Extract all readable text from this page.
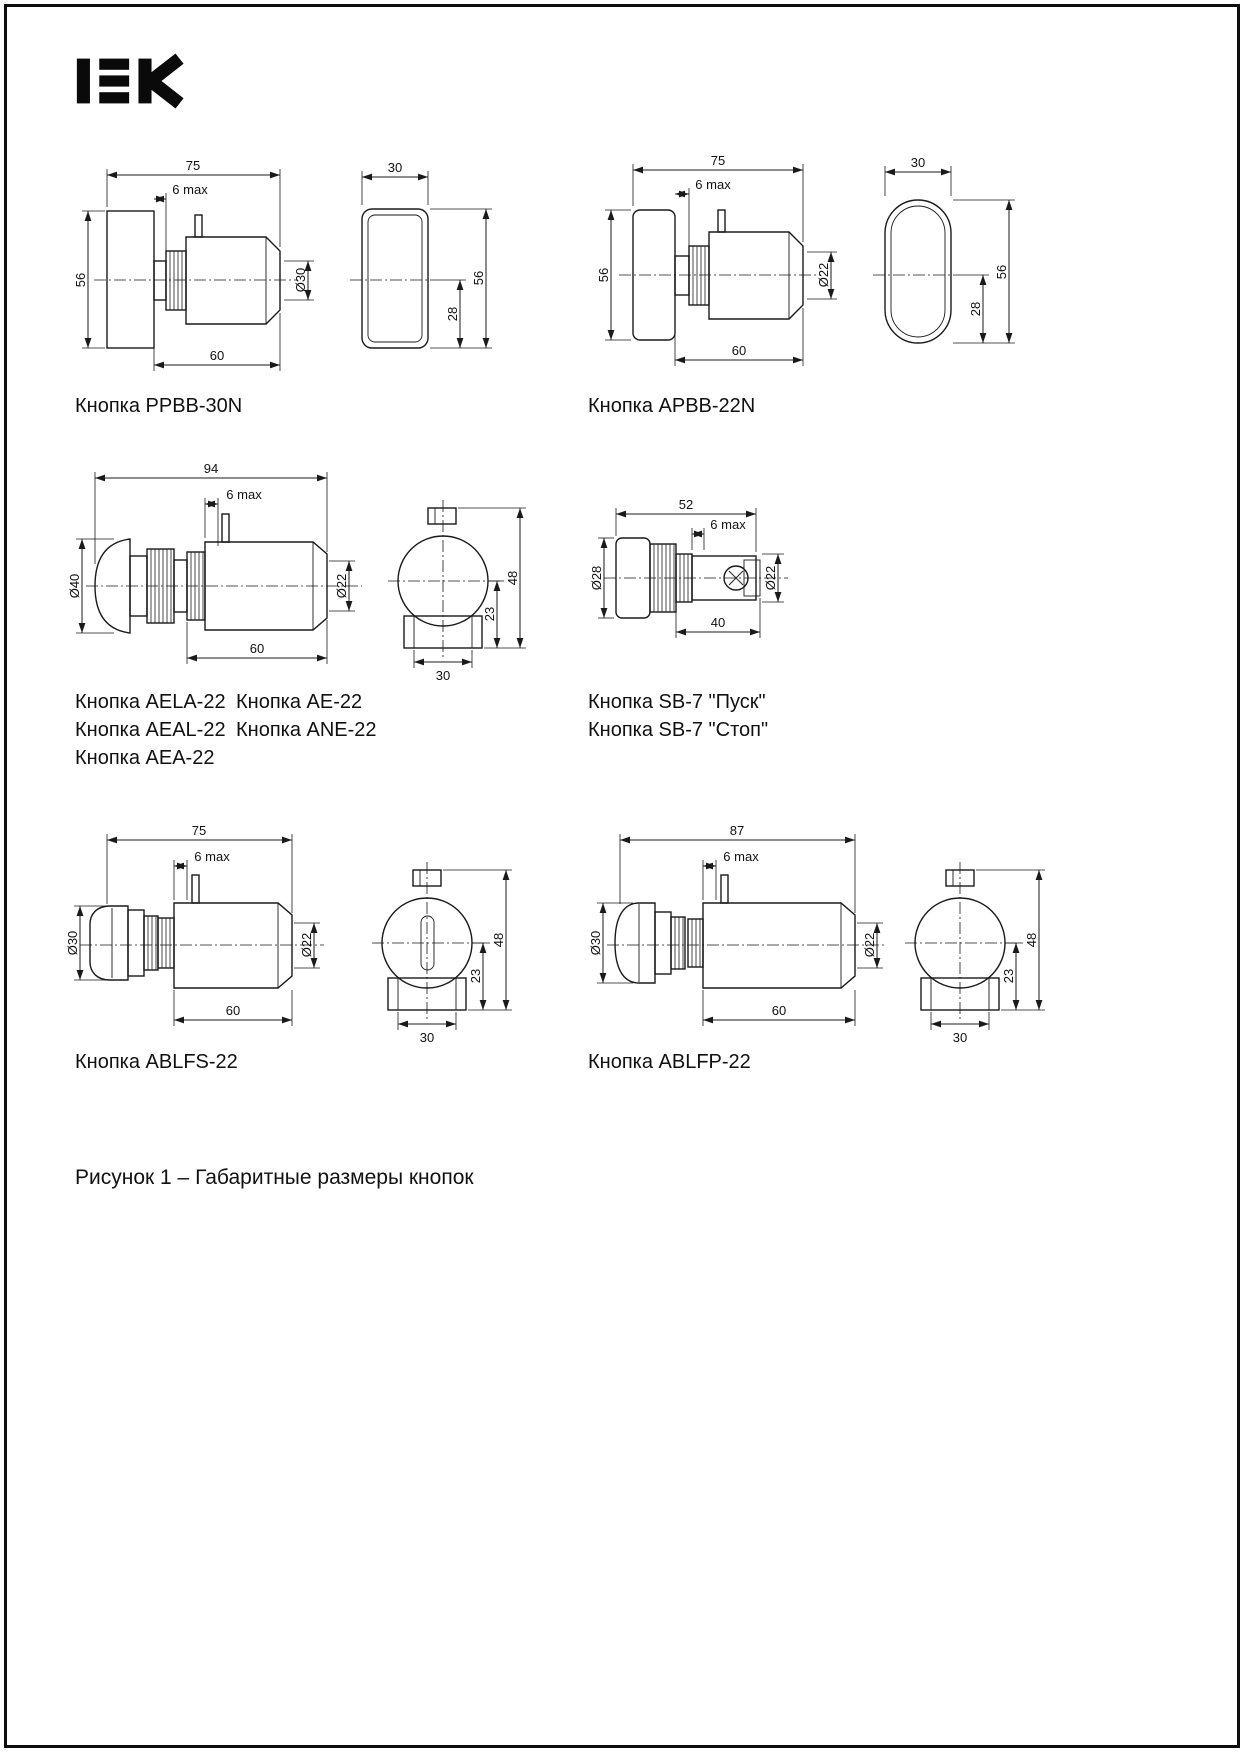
75
6 max
56
60
Ø30
30
56
28
Кнопка PPBB-30N
75
6 max
56
60
Ø22
30
56
28
Кнопка APBB-22N
94
6 max
Ø40	Ø22
60
30
23
48
Кнопка AELA-22
Кнопка AEAL-22
Кнопка AEA-22
Кнопка AE-22
Кнопка ANE-22
52
6 max
Ø28	Ø22
40
Кнопка SB-7 "Пуск"
Кнопка SB-7 "Стоп"
75
6 max
Ø30	Ø22
60
30
23
48
Кнопка ABLFS-22
87
6 max
Ø30	Ø22
60
30
23
48
Кнопка ABLFP-22
Рисунок 1 – Габаритные размеры кнопок
